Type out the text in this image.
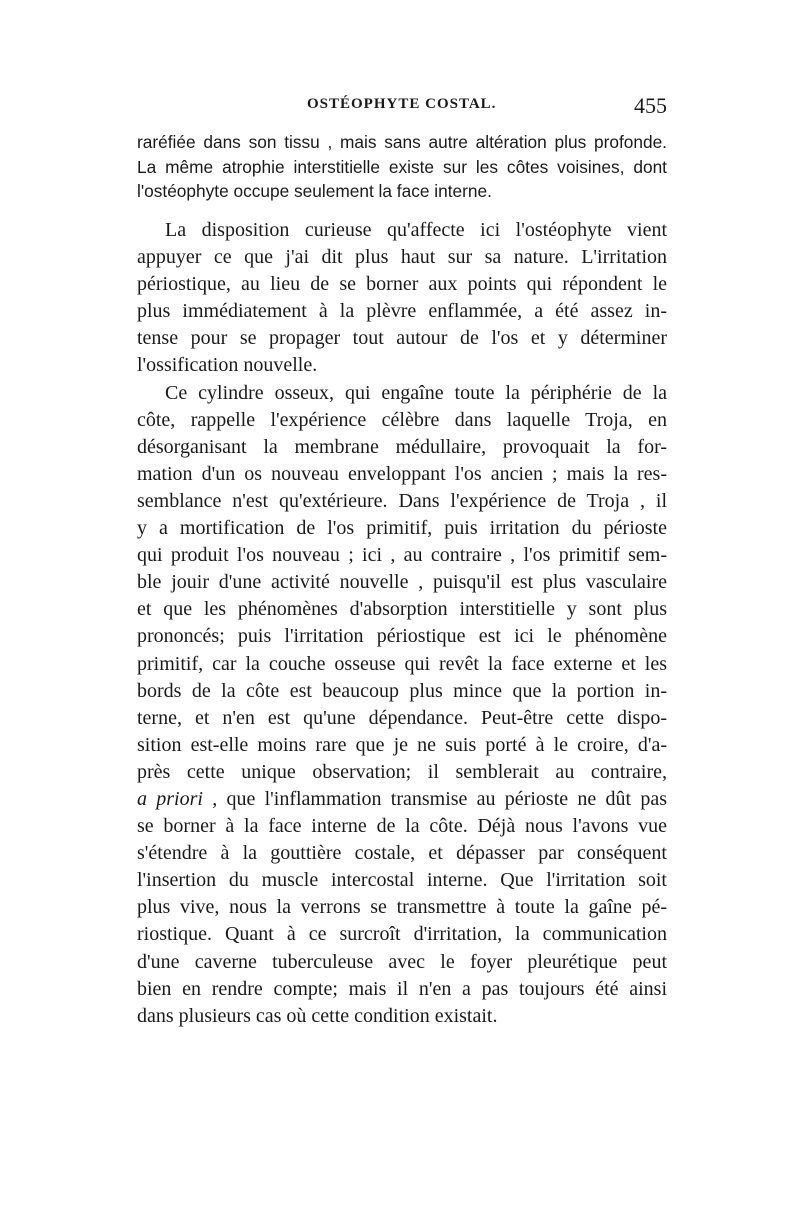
OSTÉOPHYTE COSTAL.	455
raréfiée dans son tissu , mais sans autre altération plus profonde.
La même atrophie interstitielle existe sur les côtes voisines, dont
l'ostéophyte occupe seulement la face interne.
La disposition curieuse qu'affecte ici l'ostéophyte vient
appuyer ce que j'ai dit plus haut sur sa nature. L'irritation
périostique, au lieu de se borner aux points qui répondent le
plus immédiatement à la plèvre enflammée, a été assez in-
tense pour se propager tout autour de l'os et y déterminer
l'ossification nouvelle.
Ce cylindre osseux, qui engaîne toute la périphérie de la
côte, rappelle l'expérience célèbre dans laquelle Troja, en
désorganisant la membrane médullaire, provoquait la for-
mation d'un os nouveau enveloppant l'os ancien ; mais la res-
semblance n'est qu'extérieure. Dans l'expérience de Troja , il
y a mortification de l'os primitif, puis irritation du périoste
qui produit l'os nouveau ; ici , au contraire , l'os primitif sem-
ble jouir d'une activité nouvelle , puisqu'il est plus vasculaire
et que les phénomènes d'absorption interstitielle y sont plus
prononcés; puis l'irritation périostique est ici le phénomène
primitif, car la couche osseuse qui revêt la face externe et les
bords de la côte est beaucoup plus mince que la portion in-
terne, et n'en est qu'une dépendance. Peut-être cette dispo-
sition est-elle moins rare que je ne suis porté à le croire, d'a-
près cette unique observation; il semblerait au contraire,
a priori , que l'inflammation transmise au périoste ne dût pas
se borner à la face interne de la côte. Déjà nous l'avons vue
s'étendre à la gouttière costale, et dépasser par conséquent
l'insertion du muscle intercostal interne. Que l'irritation soit
plus vive, nous la verrons se transmettre à toute la gaîne pé-
riostique. Quant à ce surcroît d'irritation, la communication
d'une caverne tuberculeuse avec le foyer pleurétique peut
bien en rendre compte; mais il n'en a pas toujours été ainsi
dans plusieurs cas où cette condition existait.
